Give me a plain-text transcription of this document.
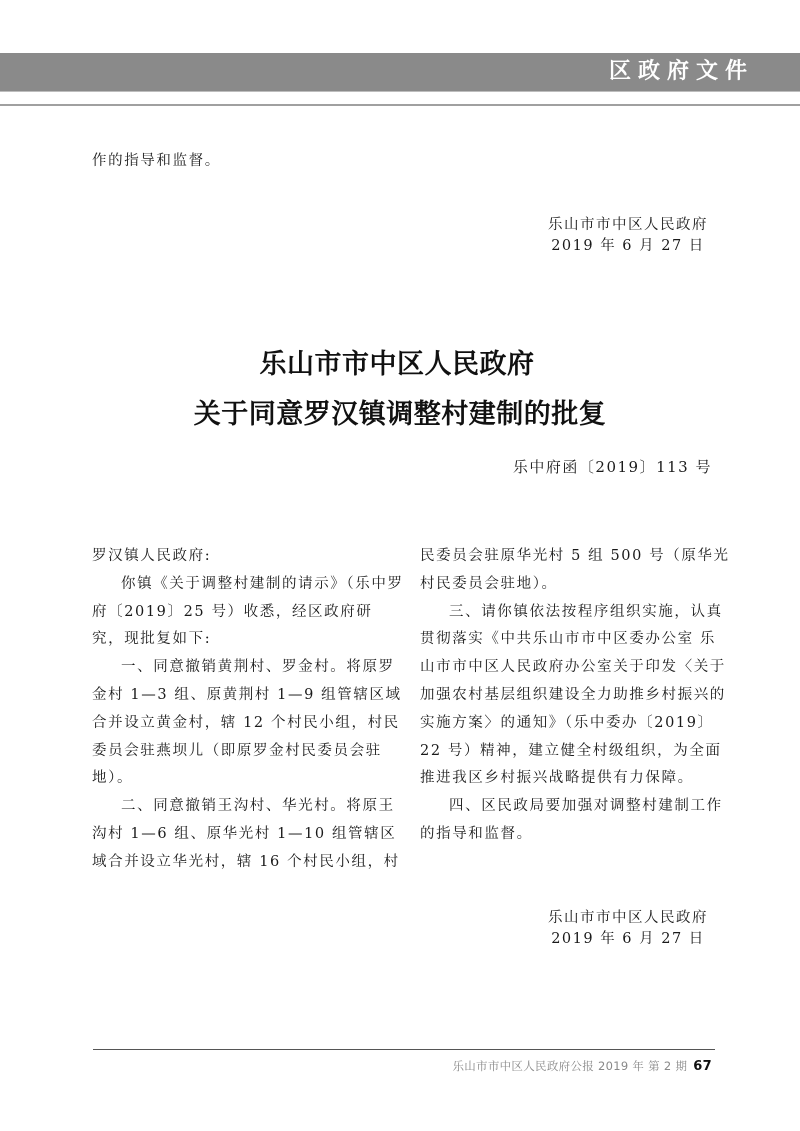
区政府文件
作的指导和监督。
乐山市市中区人民政府
2019 年 6 月 27 日
乐山市市中区人民政府
关于同意罗汉镇调整村建制的批复
乐中府函〔2019〕113 号

罗汉镇人民政府:

你镇《关于调整村建制的请示》（乐中罗府〔2019〕25 号）收悉，经区政府研究，现批复如下:

一、同意撤销黄荆村、罗金村。将原罗金村 1—3 组、原黄荆村 1—9 组管辖区域合并设立黄金村，辖 12 个村民小组，村民委员会驻燕坝儿（即原罗金村民委员会驻地）。

二、同意撤销王沟村、华光村。将原王沟村 1—6 组、原华光村 1—10 组管辖区域合并设立华光村，辖 16 个村民小组，村

民委员会驻原华光村 5 组 500 号（原华光村民委员会驻地）。

三、请你镇依法按程序组织实施，认真贯彻落实《中共乐山市市中区委办公室 乐山市市中区人民政府办公室关于印发〈关于加强农村基层组织建设全力助推乡村振兴的实施方案〉的通知》（乐中委办〔2019〕22 号）精神，建立健全村级组织，为全面推进我区乡村振兴战略提供有力保障。

四、区民政局要加强对调整村建制工作的指导和监督。

乐山市市中区人民政府
2019 年 6 月 27 日
乐山市市中区人民政府公报 2019 年 第 2 期 67
